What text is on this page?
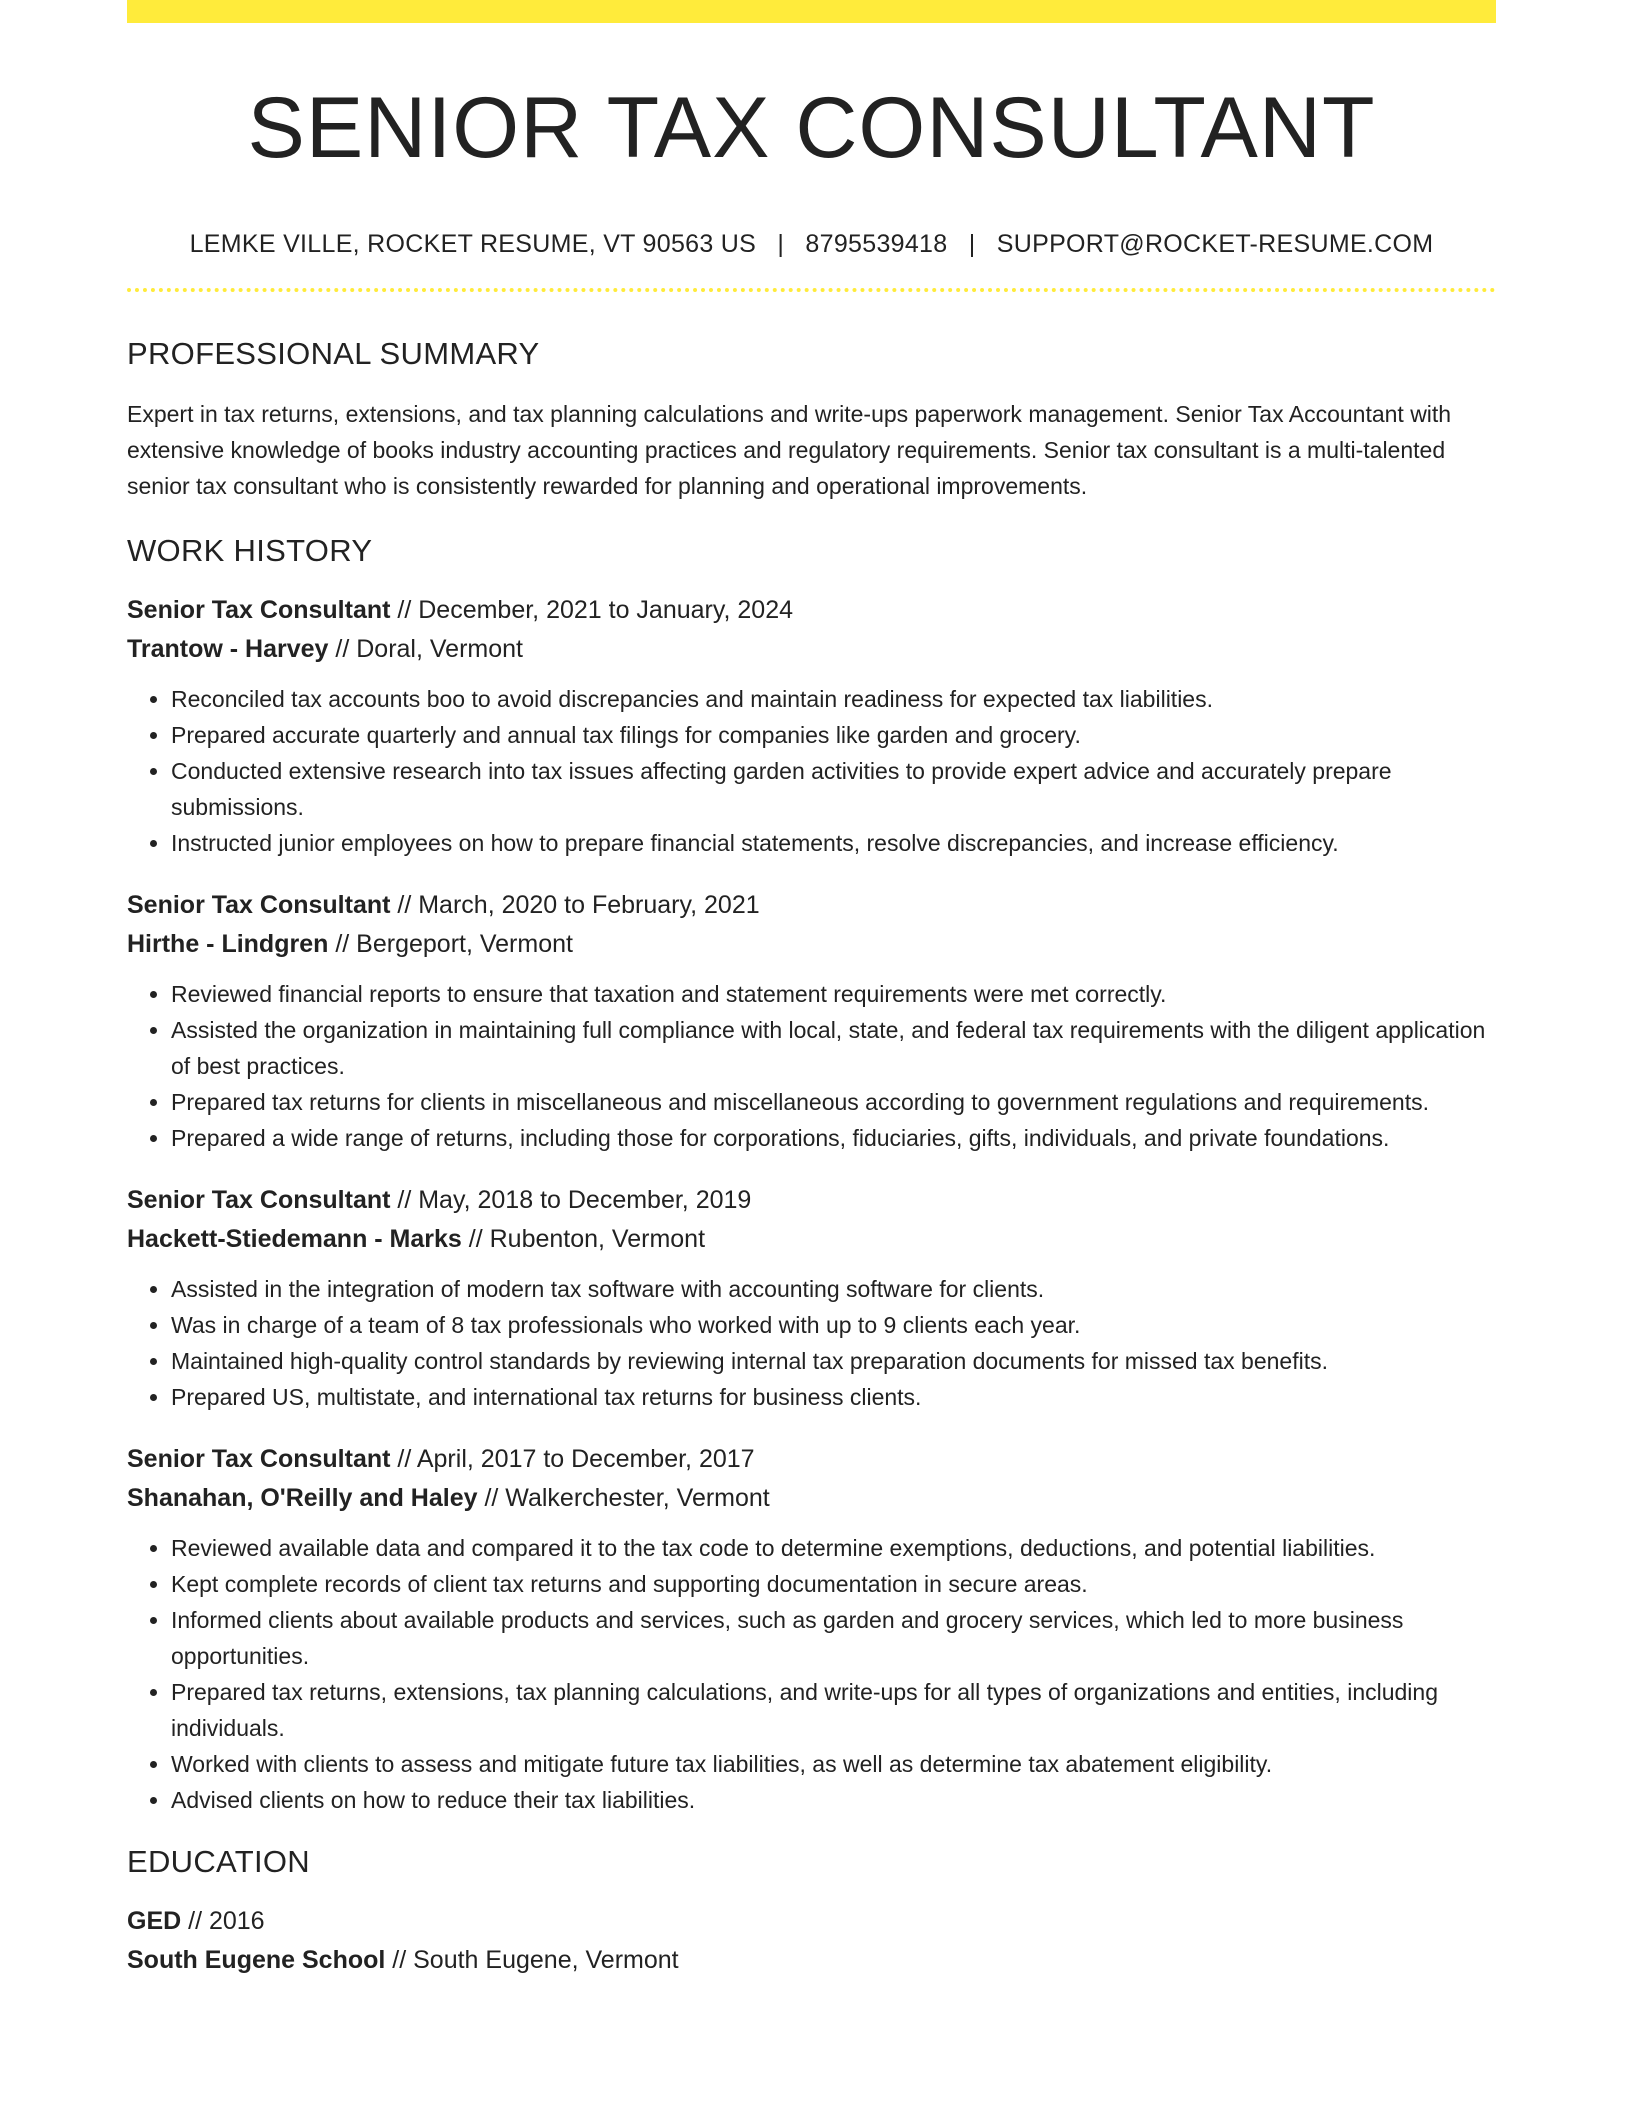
SENIOR TAX CONSULTANT
LEMKE VILLE, ROCKET RESUME, VT 90563 US | 8795539418 | SUPPORT@ROCKET-RESUME.COM
PROFESSIONAL SUMMARY
Expert in tax returns, extensions, and tax planning calculations and write-ups paperwork management. Senior Tax Accountant with extensive knowledge of books industry accounting practices and regulatory requirements. Senior tax consultant is a multi-talented senior tax consultant who is consistently rewarded for planning and operational improvements.
WORK HISTORY
Senior Tax Consultant // December, 2021 to January, 2024
Trantow - Harvey // Doral, Vermont
• Reconciled tax accounts boo to avoid discrepancies and maintain readiness for expected tax liabilities.
• Prepared accurate quarterly and annual tax filings for companies like garden and grocery.
• Conducted extensive research into tax issues affecting garden activities to provide expert advice and accurately prepare submissions.
• Instructed junior employees on how to prepare financial statements, resolve discrepancies, and increase efficiency.
Senior Tax Consultant // March, 2020 to February, 2021
Hirthe - Lindgren // Bergeport, Vermont
• Reviewed financial reports to ensure that taxation and statement requirements were met correctly.
• Assisted the organization in maintaining full compliance with local, state, and federal tax requirements with the diligent application of best practices.
• Prepared tax returns for clients in miscellaneous and miscellaneous according to government regulations and requirements.
• Prepared a wide range of returns, including those for corporations, fiduciaries, gifts, individuals, and private foundations.
Senior Tax Consultant // May, 2018 to December, 2019
Hackett-Stiedemann - Marks // Rubenton, Vermont
• Assisted in the integration of modern tax software with accounting software for clients.
• Was in charge of a team of 8 tax professionals who worked with up to 9 clients each year.
• Maintained high-quality control standards by reviewing internal tax preparation documents for missed tax benefits.
• Prepared US, multistate, and international tax returns for business clients.
Senior Tax Consultant // April, 2017 to December, 2017
Shanahan, O'Reilly and Haley // Walkerchester, Vermont
• Reviewed available data and compared it to the tax code to determine exemptions, deductions, and potential liabilities.
• Kept complete records of client tax returns and supporting documentation in secure areas.
• Informed clients about available products and services, such as garden and grocery services, which led to more business opportunities.
• Prepared tax returns, extensions, tax planning calculations, and write-ups for all types of organizations and entities, including individuals.
• Worked with clients to assess and mitigate future tax liabilities, as well as determine tax abatement eligibility.
• Advised clients on how to reduce their tax liabilities.
EDUCATION
GED // 2016
South Eugene School // South Eugene, Vermont
